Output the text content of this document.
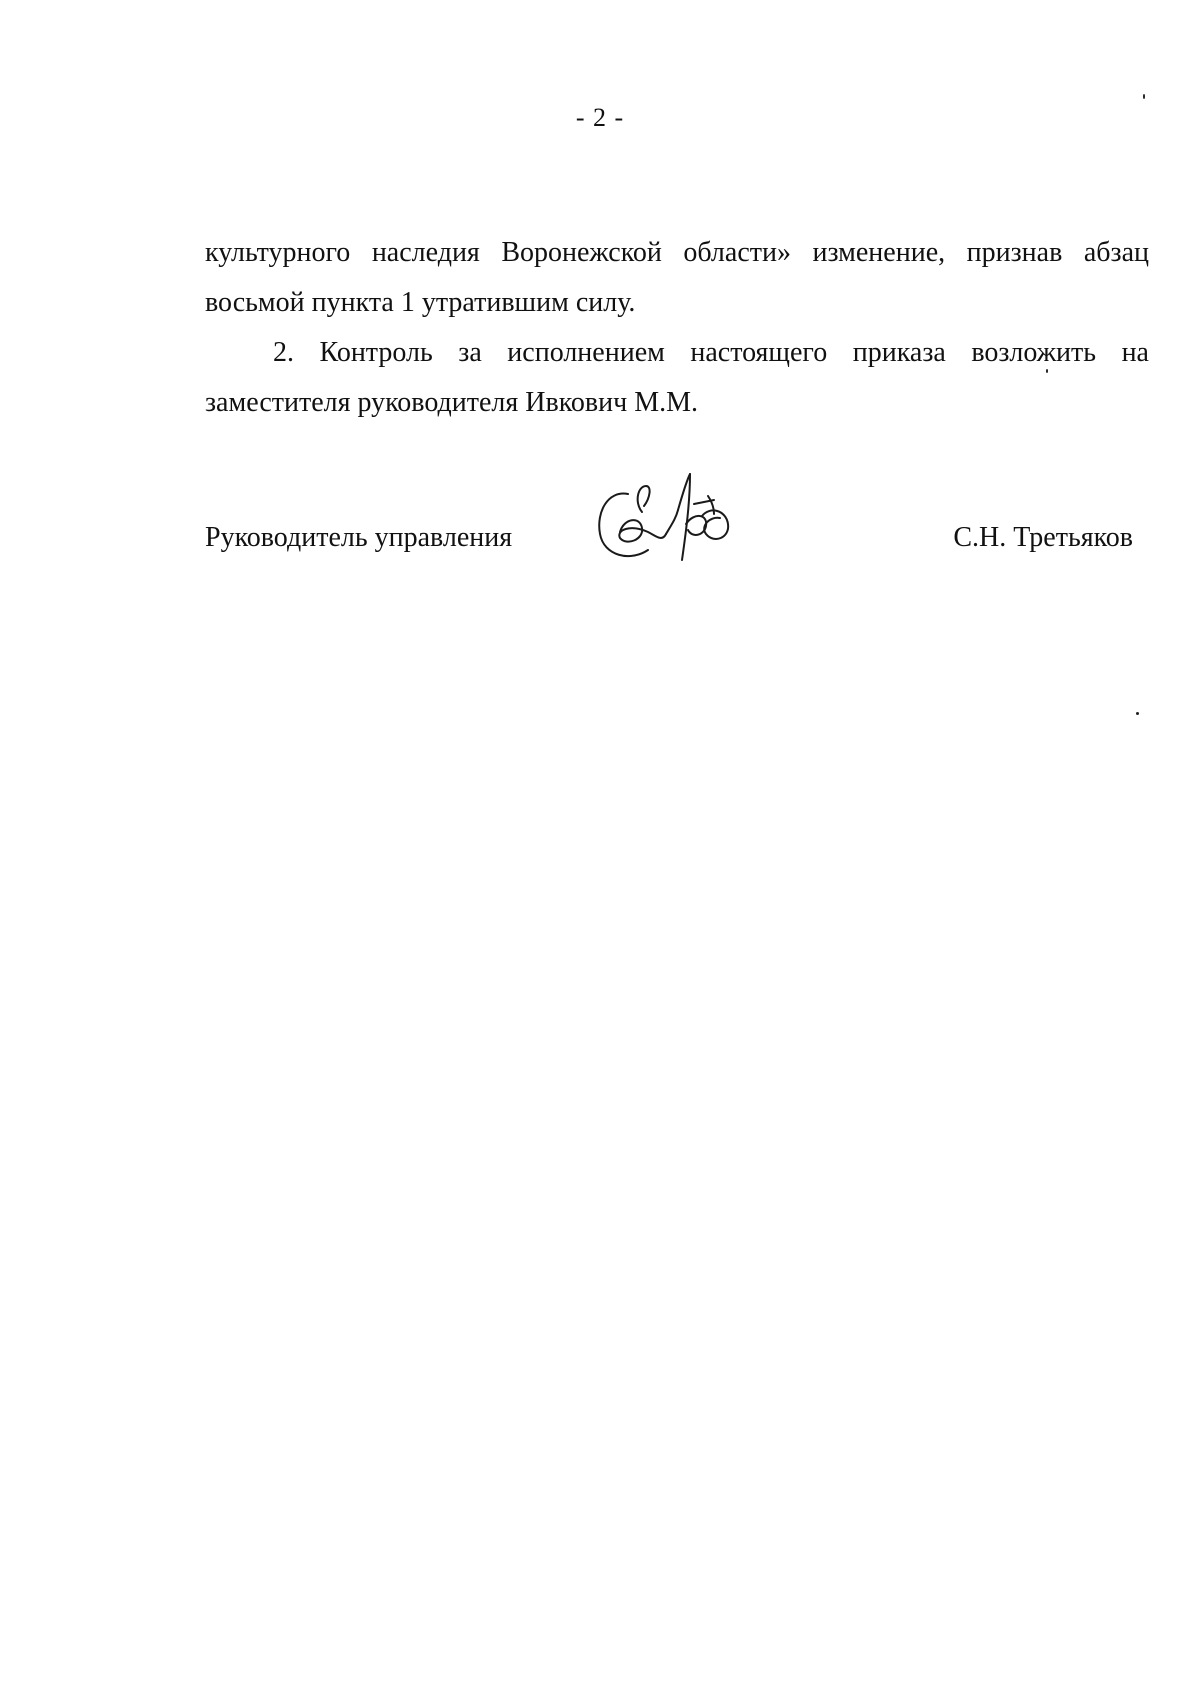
- 2 -

культурного наследия Воронежской области» изменение, признав абзац восьмой пункта 1 утратившим силу.

2. Контроль за исполнением настоящего приказа возложить на заместителя руководителя Ивкович М.М.

Руководитель управления	С.Н. Третьяков
